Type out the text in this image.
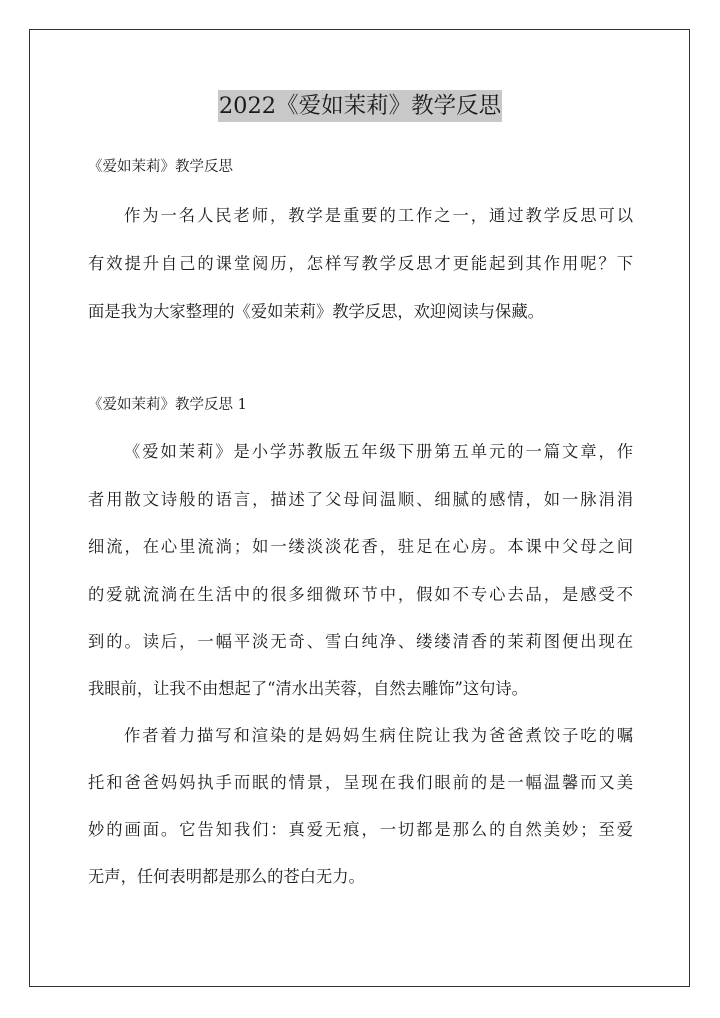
2022《爱如茉莉》教学反思
《爱如茉莉》教学反思
作为一名人民老师，教学是重要的工作之一，通过教学反思可以
有效提升自己的课堂阅历，怎样写教学反思才更能起到其作用呢？下
面是我为大家整理的《爱如茉莉》教学反思，欢迎阅读与保藏。
《爱如茉莉》教学反思 1
《爱如茉莉》是小学苏教版五年级下册第五单元的一篇文章，作
者用散文诗般的语言，描述了父母间温顺、细腻的感情，如一脉涓涓
细流，在心里流淌；如一缕淡淡花香，驻足在心房。本课中父母之间
的爱就流淌在生活中的很多细微环节中，假如不专心去品，是感受不
到的。读后，一幅平淡无奇、雪白纯净、缕缕清香的茉莉图便出现在
我眼前，让我不由想起了“清水出芙蓉，自然去雕饰”这句诗。
作者着力描写和渲染的是妈妈生病住院让我为爸爸煮饺子吃的嘱
托和爸爸妈妈执手而眠的情景，呈现在我们眼前的是一幅温馨而又美
妙的画面。它告知我们：真爱无痕，一切都是那么的自然美妙；至爱
无声，任何表明都是那么的苍白无力。
